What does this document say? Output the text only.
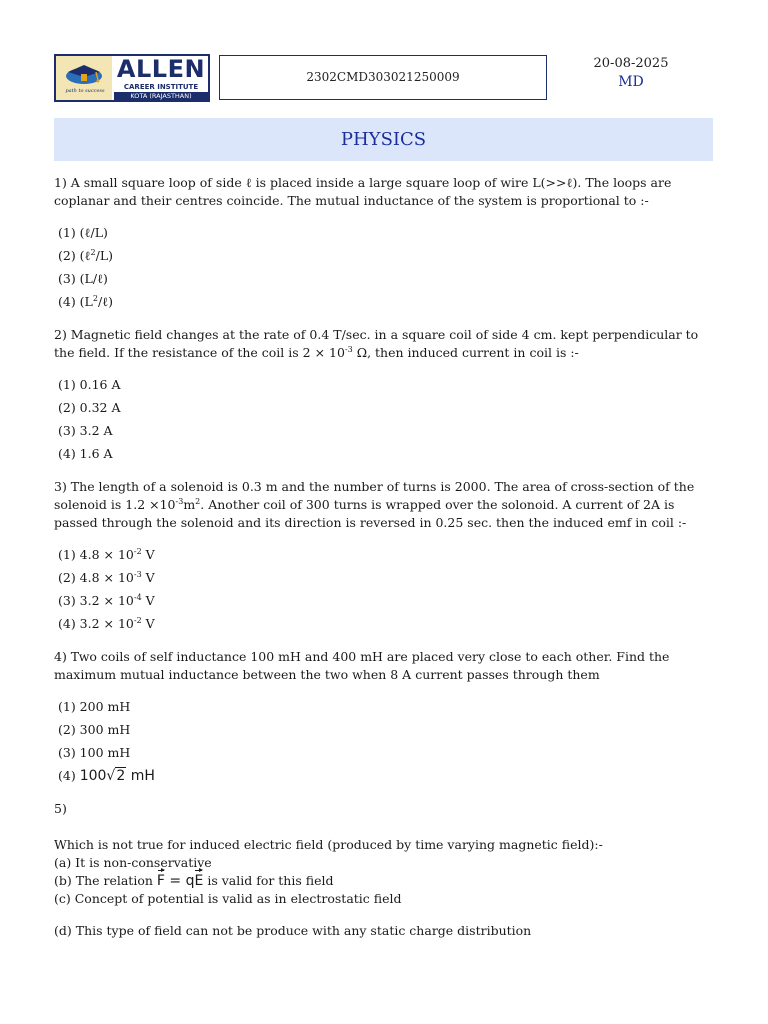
path to success
ALLEN
CAREER INSTITUTE
KOTA (RAJASTHAN)
2302CMD303021250009
20-08-2025
MD
PHYSICS
1) A small square loop of side ℓ is placed inside a large square loop of wire L(>>ℓ). The loops are
coplanar and their centres coincide. The mutual inductance of the system is proportional to :-
(1) (ℓ/L)
(2) (ℓ$^2$/L)
(3) (L/ℓ)
(4) $(L^2/\ell)$
2) Magnetic field changes at the rate of 0.4 T/sec. in a square coil of side 4 cm. kept perpendicular to
the field. If the resistance of the coil is $2 \times 10^{-3}$ Ω, then induced current in coil is :-
(1) 0.16 A
(2) 0.32 A
(3) 3.2 A
(4) 1.6 A
3) The length of a solenoid is 0.3 m and the number of turns is 2000. The area of cross-section of the
solenoid is $1.2 \times 10^{-3}m^2$. Another coil of 300 turns is wrapped over the solonoid. A current of 2A is
passed through the solenoid and its direction is reversed in 0.25 sec. then the induced emf in coil :-
(1) $4.8 \times 10^{-2}$ V
(2) $4.8 \times 10^{-3}$ V
(3) $3.2 \times 10^{-4}$ V
(4) $3.2 \times 10^{-2}$ V
4) Two coils of self inductance 100 mH and 400 mH are placed very close to each other. Find the
maximum mutual inductance between the two when 8 A current passes through them
(1) 200 mH
(2) 300 mH
(3) 100 mH
(4) 100√2 mH

5)

Which is not true for induced electric field (produced by time varying magnetic field):-

(a) It is non-conservative

(b) The relation F = qE is valid for this field

(c) Concept of potential is valid as in electrostatic field

(d) This type of field can not be produce with any static charge distribution
